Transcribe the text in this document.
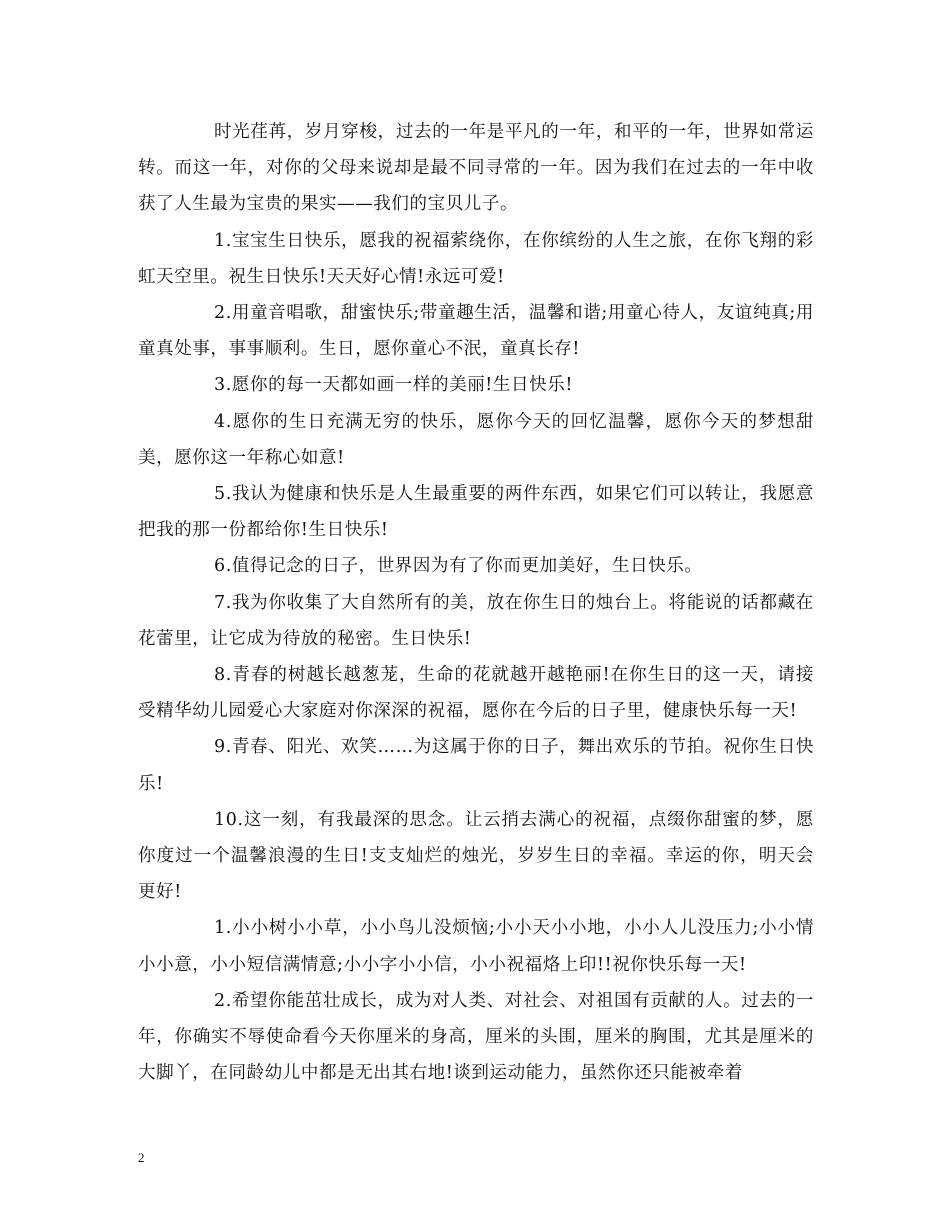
时光荏苒，岁月穿梭，过去的一年是平凡的一年，和平的一年，世界如常运转。而这一年，对你的父母来说却是最不同寻常的一年。因为我们在过去的一年中收获了人生最为宝贵的果实——我们的宝贝儿子。

1.宝宝生日快乐，愿我的祝福萦绕你，在你缤纷的人生之旅，在你飞翔的彩虹天空里。祝生日快乐!天天好心情!永远可爱!

2.用童音唱歌，甜蜜快乐;带童趣生活，温馨和谐;用童心待人，友谊纯真;用童真处事，事事顺利。生日，愿你童心不泯，童真长存!

3.愿你的每一天都如画一样的美丽!生日快乐!

4.愿你的生日充满无穷的快乐，愿你今天的回忆温馨，愿你今天的梦想甜美，愿你这一年称心如意!

5.我认为健康和快乐是人生最重要的两件东西，如果它们可以转让，我愿意把我的那一份都给你!生日快乐!

6.值得记念的日子，世界因为有了你而更加美好，生日快乐。

7.我为你收集了大自然所有的美，放在你生日的烛台上。将能说的话都藏在花蕾里，让它成为待放的秘密。生日快乐!

8.青春的树越长越葱茏，生命的花就越开越艳丽!在你生日的这一天，请接受精华幼儿园爱心大家庭对你深深的祝福，愿你在今后的日子里，健康快乐每一天!

9.青春、阳光、欢笑……为这属于你的日子，舞出欢乐的节拍。祝你生日快乐!

10.这一刻，有我最深的思念。让云捎去满心的祝福，点缀你甜蜜的梦，愿你度过一个温馨浪漫的生日!支支灿烂的烛光，岁岁生日的幸福。幸运的你，明天会更好!

1.小小树小小草，小小鸟儿没烦恼;小小天小小地，小小人儿没压力;小小情小小意，小小短信满情意;小小字小小信，小小祝福烙上印!!祝你快乐每一天!

2.希望你能茁壮成长，成为对人类、对社会、对祖国有贡献的人。过去的一年，你确实不辱使命看今天你厘米的身高，厘米的头围，厘米的胸围，尤其是厘米的大脚丫，在同龄幼儿中都是无出其右地!谈到运动能力，虽然你还只能被牵着

2
